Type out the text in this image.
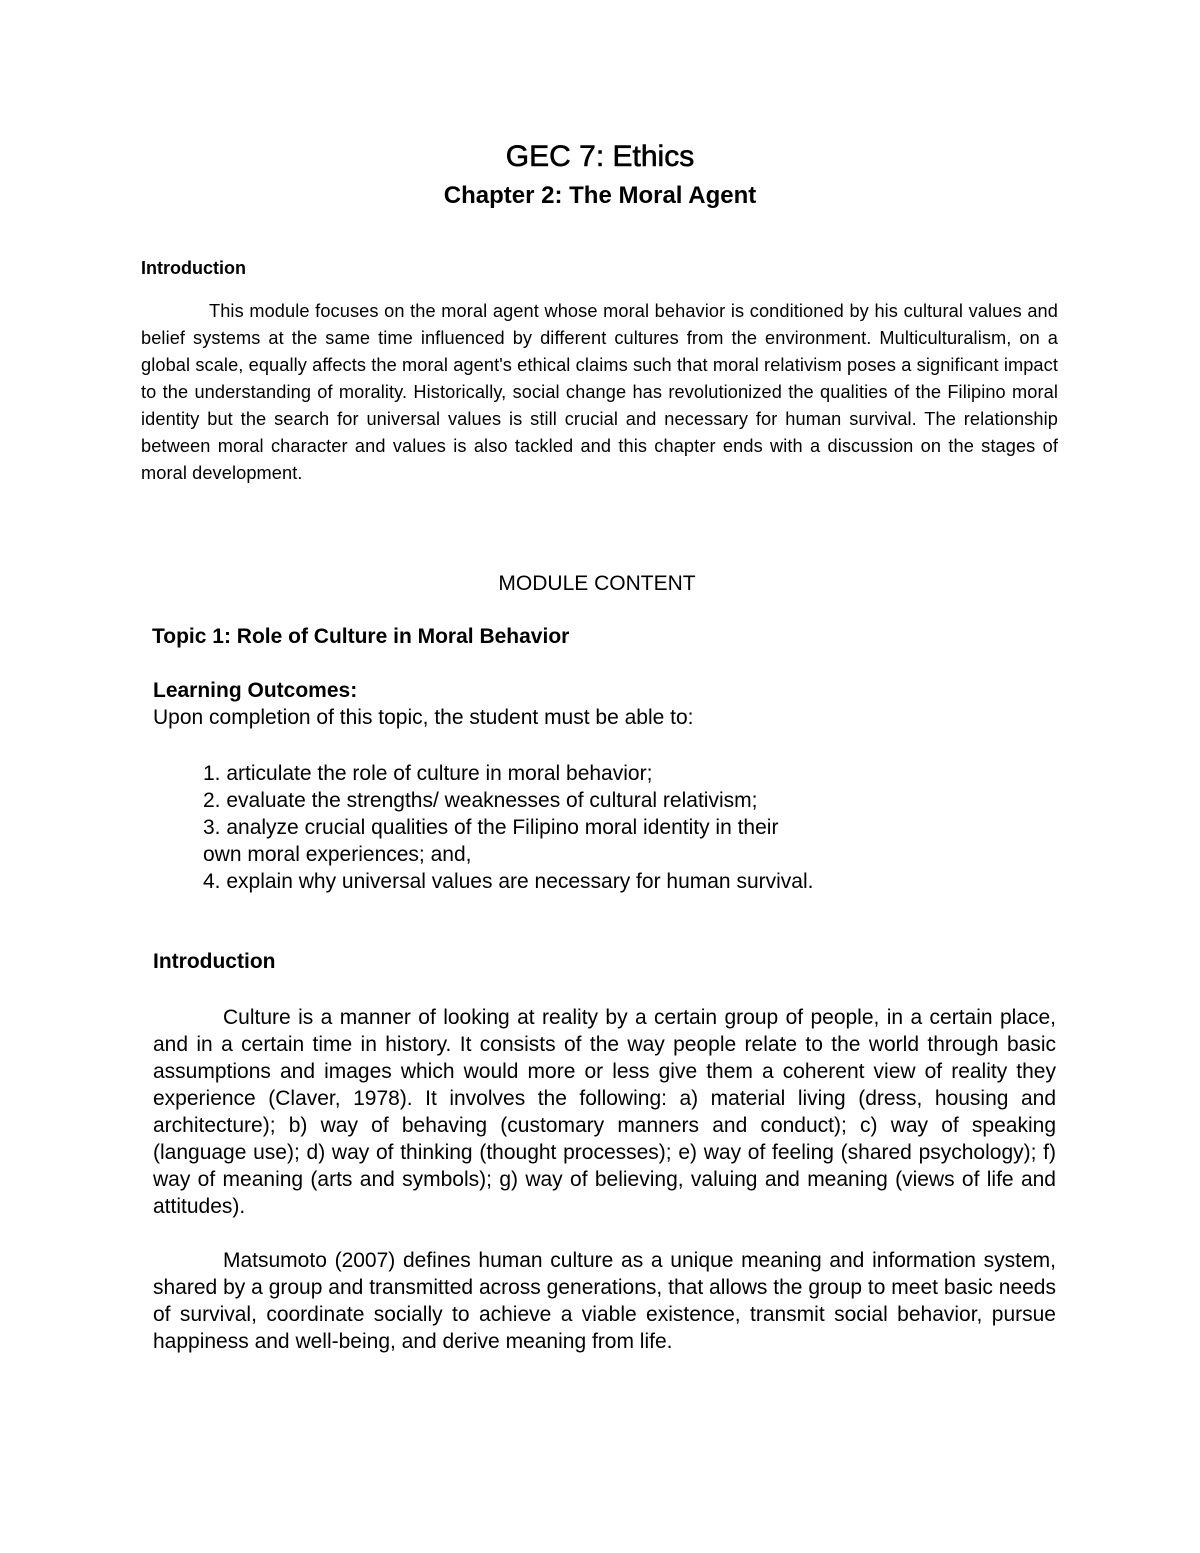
GEC 7: Ethics
Chapter 2: The Moral Agent
Introduction
This module focuses on the moral agent whose moral behavior is conditioned by his cultural values and belief systems at the same time influenced by different cultures from the environment. Multiculturalism, on a global scale, equally affects the moral agent's ethical claims such that moral relativism poses a significant impact to the understanding of morality. Historically, social change has revolutionized the qualities of the Filipino moral identity but the search for universal values is still crucial and necessary for human survival. The relationship between moral character and values is also tackled and this chapter ends with a discussion on the stages of moral development.
MODULE CONTENT
Topic 1: Role of Culture in Moral Behavior
Learning Outcomes:
Upon completion of this topic, the student must be able to:
1. articulate the role of culture in moral behavior;
2. evaluate the strengths/ weaknesses of cultural relativism;
3. analyze crucial qualities of the Filipino moral identity in their
own moral experiences; and,
4. explain why universal values are necessary for human survival.
Introduction
Culture is a manner of looking at reality by a certain group of people, in a certain place, and in a certain time in history. It consists of the way people relate to the world through basic assumptions and images which would more or less give them a coherent view of reality they experience (Claver, 1978). It involves the following: a) material living (dress, housing and architecture); b) way of behaving (customary manners and conduct); c) way of speaking (language use); d) way of thinking (thought processes); e) way of feeling (shared psychology); f) way of meaning (arts and symbols); g) way of believing, valuing and meaning (views of life and attitudes).
Matsumoto (2007) defines human culture as a unique meaning and information system, shared by a group and transmitted across generations, that allows the group to meet basic needs of survival, coordinate socially to achieve a viable existence, transmit social behavior, pursue happiness and well-being, and derive meaning from life.
